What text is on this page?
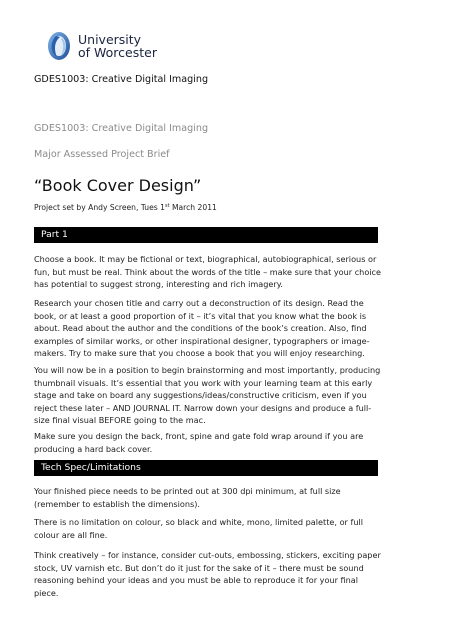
University
of Worcester
GDES1003: Creative Digital Imaging
GDES1003: Creative Digital Imaging
Major Assessed Project Brief
“Book Cover Design”
Project set by Andy Screen, Tues 1st March 2011
Part 1

Choose a book. It may be fictional or text, biographical, autobiographical, serious or fun, but must be real. Think about the words of the title – make sure that your choice has potential to suggest strong, interesting and rich imagery.

Research your chosen title and carry out a deconstruction of its design. Read the book, or at least a good proportion of it – it’s vital that you know what the book is about. Read about the author and the conditions of the book’s creation. Also, find examples of similar works, or other inspirational designer, typographers or image-makers. Try to make sure that you choose a book that you will enjoy researching.

You will now be in a position to begin brainstorming and most importantly, producing thumbnail visuals. It’s essential that you work with your learning team at this early stage and take on board any suggestions/ideas/constructive criticism, even if you reject these later – AND JOURNAL IT. Narrow down your designs and produce a full-size final visual BEFORE going to the mac.

Make sure you design the back, front, spine and gate fold wrap around if you are producing a hard back cover.

Tech Spec/Limitations

Your finished piece needs to be printed out at 300 dpi minimum, at full size (remember to establish the dimensions).

There is no limitation on colour, so black and white, mono, limited palette, or full colour are all fine.

Think creatively – for instance, consider cut-outs, embossing, stickers, exciting paper stock, UV varnish etc. But don’t do it just for the sake of it – there must be sound reasoning behind your ideas and you must be able to reproduce it for your final piece.
